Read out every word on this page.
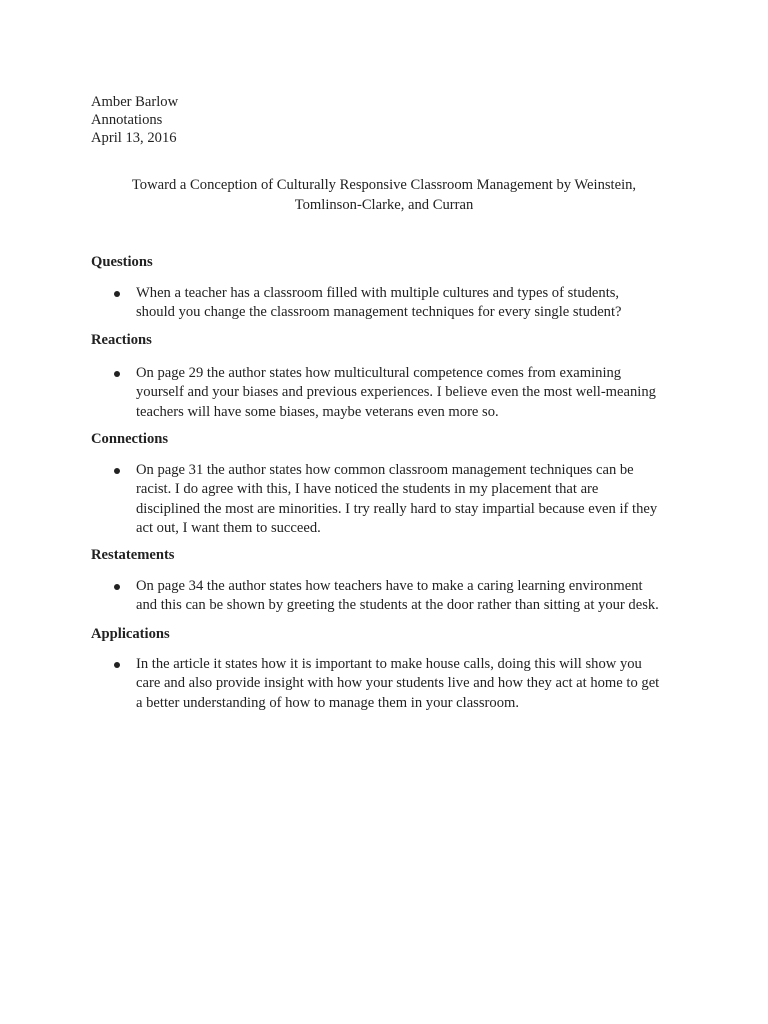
Amber Barlow
Annotations
April 13, 2016
Toward a Conception of Culturally Responsive Classroom Management by Weinstein,
Tomlinson-Clarke, and Curran
Questions
When a teacher has a classroom filled with multiple cultures and types of students,
should you change the classroom management techniques for every single student?
Reactions
On page 29 the author states how multicultural competence comes from examining
yourself and your biases and previous experiences. I believe even the most well-meaning
teachers will have some biases, maybe veterans even more so.
Connections
On page 31 the author states how common classroom management techniques can be
racist. I do agree with this, I have noticed the students in my placement that are
disciplined the most are minorities. I try really hard to stay impartial because even if they
act out, I want them to succeed.
Restatements
On page 34 the author states how teachers have to make a caring learning environment
and this can be shown by greeting the students at the door rather than sitting at your desk.
Applications
In the article it states how it is important to make house calls, doing this will show you
care and also provide insight with how your students live and how they act at home to get
a better understanding of how to manage them in your classroom.
